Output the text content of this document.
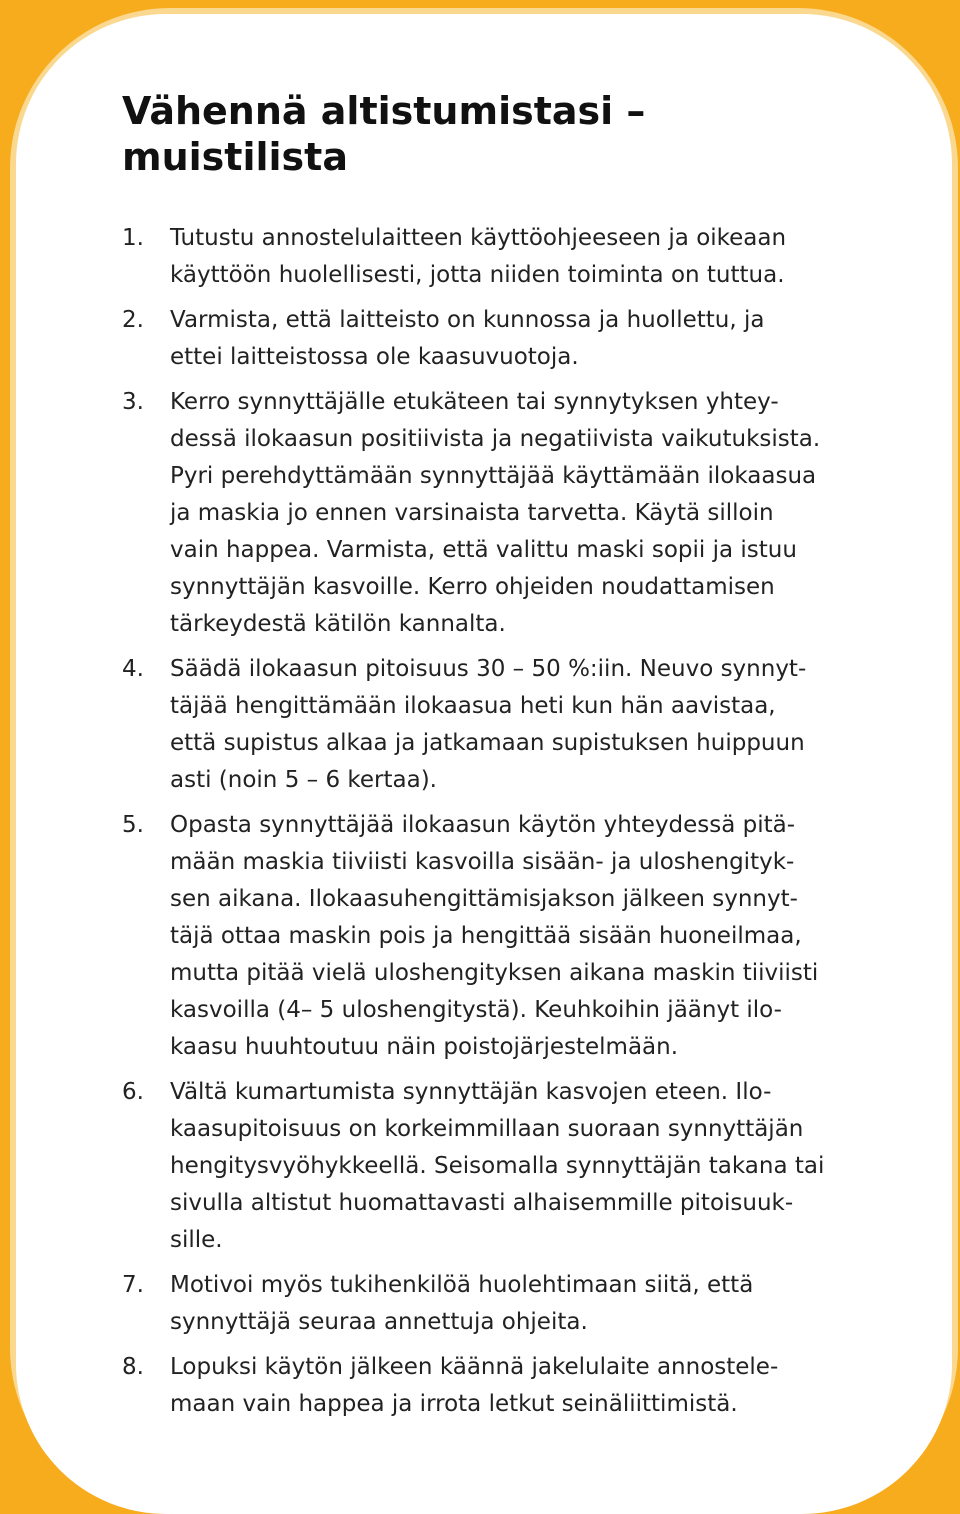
Vähennä altistumistasi – muistilista
1.	Tutustu annostelulaitteen käyttöohjeeseen ja oikeaan
käyttöön huolellisesti, jotta niiden toiminta on tuttua.
2.	Varmista, että laitteisto on kunnossa ja huollettu, ja
ettei laitteistossa ole kaasuvuotoja.
3.	Kerro synnyttäjälle etukäteen tai synnytyksen yhtey-
dessä ilokaasun positiivista ja negatiivista vaikutuksista.
Pyri perehdyttämään synnyttäjää käyttämään ilokaasua
ja maskia jo ennen varsinaista tarvetta. Käytä silloin
vain happea. Varmista, että valittu maski sopii ja istuu
synnyttäjän kasvoille. Kerro ohjeiden noudattamisen
tärkeydestä kätilön kannalta.
4.	Säädä ilokaasun pitoisuus 30 – 50 %:iin. Neuvo synnyt-
täjää hengittämään ilokaasua heti kun hän aavistaa,
että supistus alkaa ja jatkamaan supistuksen huippuun
asti (noin 5 – 6 kertaa).
5.	Opasta synnyttäjää ilokaasun käytön yhteydessä pitä-
mään maskia tiiviisti kasvoilla sisään- ja uloshengityk-
sen aikana. Ilokaasuhengittämisjakson jälkeen synnyt-
täjä ottaa maskin pois ja hengittää sisään huoneilmaa,
mutta pitää vielä uloshengityksen aikana maskin tiiviisti
kasvoilla (4– 5 uloshengitystä). Keuhkoihin jäänyt ilo-
kaasu huuhtoutuu näin poistojärjestelmään.
6.	Vältä kumartumista synnyttäjän kasvojen eteen. Ilo-
kaasupitoisuus on korkeimmillaan suoraan synnyttäjän
hengitysvyöhykkeellä. Seisomalla synnyttäjän takana tai
sivulla altistut huomattavasti alhaisemmille pitoisuuk-
sille.
7.	Motivoi myös tukihenkilöä huolehtimaan siitä, että
synnyttäjä seuraa annettuja ohjeita.
8.	Lopuksi käytön jälkeen käännä jakelulaite annostele-
maan vain happea ja irrota letkut seinäliittimistä.
